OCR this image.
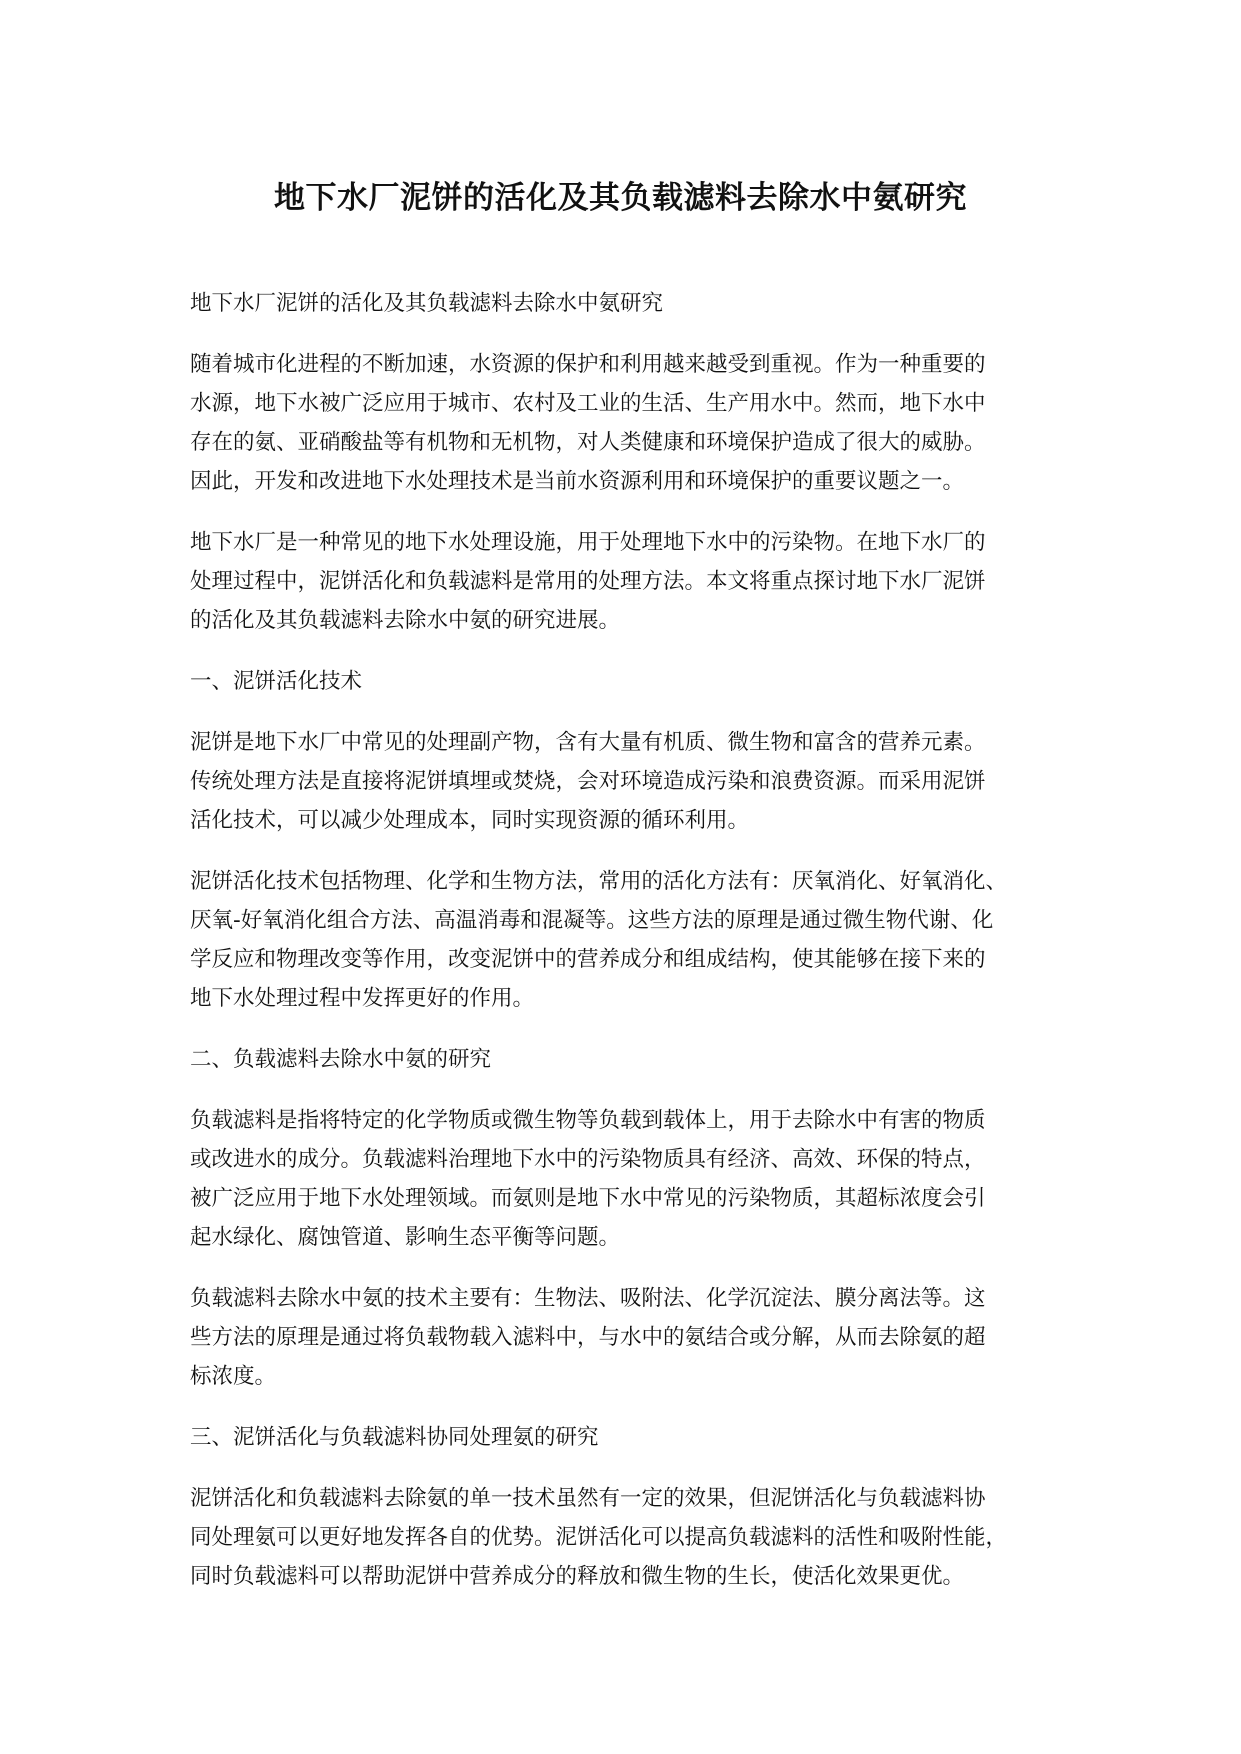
地下水厂泥饼的活化及其负载滤料去除水中氨研究

地下水厂泥饼的活化及其负载滤料去除水中氨研究

随着城市化进程的不断加速，水资源的保护和利用越来越受到重视。作为一种重要的
水源，地下水被广泛应用于城市、农村及工业的生活、生产用水中。然而，地下水中
存在的氨、亚硝酸盐等有机物和无机物，对人类健康和环境保护造成了很大的威胁。
因此，开发和改进地下水处理技术是当前水资源利用和环境保护的重要议题之一。

地下水厂是一种常见的地下水处理设施，用于处理地下水中的污染物。在地下水厂的
处理过程中，泥饼活化和负载滤料是常用的处理方法。本文将重点探讨地下水厂泥饼
的活化及其负载滤料去除水中氨的研究进展。

一、泥饼活化技术

泥饼是地下水厂中常见的处理副产物，含有大量有机质、微生物和富含的营养元素。
传统处理方法是直接将泥饼填埋或焚烧，会对环境造成污染和浪费资源。而采用泥饼
活化技术，可以减少处理成本，同时实现资源的循环利用。

泥饼活化技术包括物理、化学和生物方法，常用的活化方法有：厌氧消化、好氧消化、
厌氧-好氧消化组合方法、高温消毒和混凝等。这些方法的原理是通过微生物代谢、化
学反应和物理改变等作用，改变泥饼中的营养成分和组成结构，使其能够在接下来的
地下水处理过程中发挥更好的作用。

二、负载滤料去除水中氨的研究

负载滤料是指将特定的化学物质或微生物等负载到载体上，用于去除水中有害的物质
或改进水的成分。负载滤料治理地下水中的污染物质具有经济、高效、环保的特点，
被广泛应用于地下水处理领域。而氨则是地下水中常见的污染物质，其超标浓度会引
起水绿化、腐蚀管道、影响生态平衡等问题。

负载滤料去除水中氨的技术主要有：生物法、吸附法、化学沉淀法、膜分离法等。这
些方法的原理是通过将负载物载入滤料中，与水中的氨结合或分解，从而去除氨的超
标浓度。

三、泥饼活化与负载滤料协同处理氨的研究

泥饼活化和负载滤料去除氨的单一技术虽然有一定的效果，但泥饼活化与负载滤料协
同处理氨可以更好地发挥各自的优势。泥饼活化可以提高负载滤料的活性和吸附性能，
同时负载滤料可以帮助泥饼中营养成分的释放和微生物的生长，使活化效果更优。
